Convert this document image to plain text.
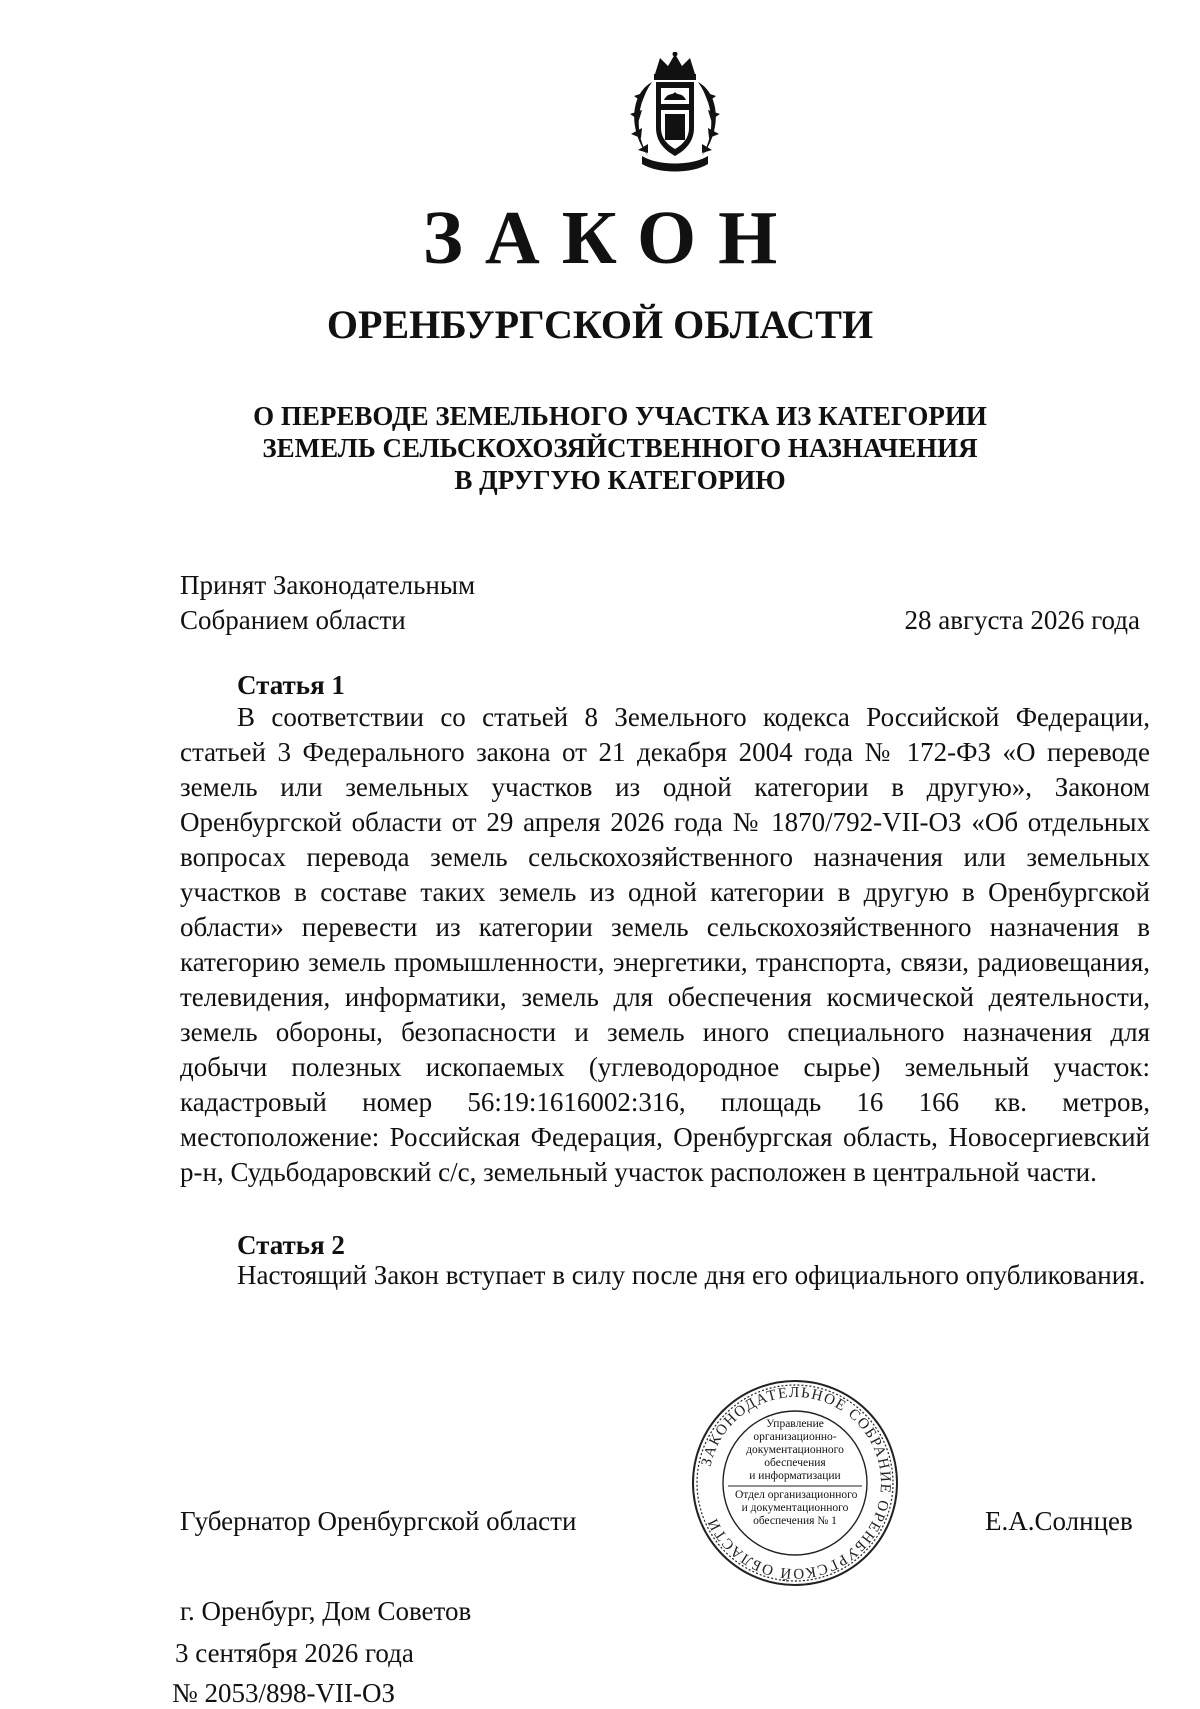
ЗАКОН
ОРЕНБУРГСКОЙ ОБЛАСТИ
О ПЕРЕВОДЕ ЗЕМЕЛЬНОГО УЧАСТКА ИЗ КАТЕГОРИИ
ЗЕМЕЛЬ СЕЛЬСКОХОЗЯЙСТВЕННОГО НАЗНАЧЕНИЯ
В ДРУГУЮ КАТЕГОРИЮ
Принят Законодательным
Собранием области	28 августа 2026 года
Статья 1
В соответствии со статьей 8 Земельного кодекса Российской Федерации, статьей 3 Федерального закона от 21 декабря 2004 года № 172-ФЗ «О переводе земель или земельных участков из одной категории в другую», Законом Оренбургской области от 29 апреля 2026 года № 1870/792-VII-ОЗ «Об отдельных вопросах перевода земель сельскохозяйственного назначения или земельных участков в составе таких земель из одной категории в другую в Оренбургской области» перевести из категории земель сельскохозяйственного назначения в категорию земель промышленности, энергетики, транспорта, связи, радиовещания, телевидения, информатики, земель для обеспечения космической деятельности, земель обороны, безопасности и земель иного специального назначения для добычи полезных ископаемых (углеводородное сырье) земельный участок: кадастровый номер 56:19:1616002:316, площадь 16 166 кв. метров, местоположение: Российская Федерация, Оренбургская область, Новосергиевский р-н, Судьбодаровский с/с, земельный участок расположен в центральной части.
Статья 2
Настоящий Закон вступает в силу после дня его официального опубликования.
ЗАКОНОДАТЕЛЬНОЕ СОБРАНИЕ ОРЕНБУРГСКОЙ ОБЛАСТИ
Управление
организационно-
документационного
обеспечения
и информатизации
Отдел организационного
и документационного
обеспечения № 1
Губернатор Оренбургской области	Е.А.Солнцев
г. Оренбург, Дом Советов
3 сентября 2026 года
№ 2053/898-VII-ОЗ
